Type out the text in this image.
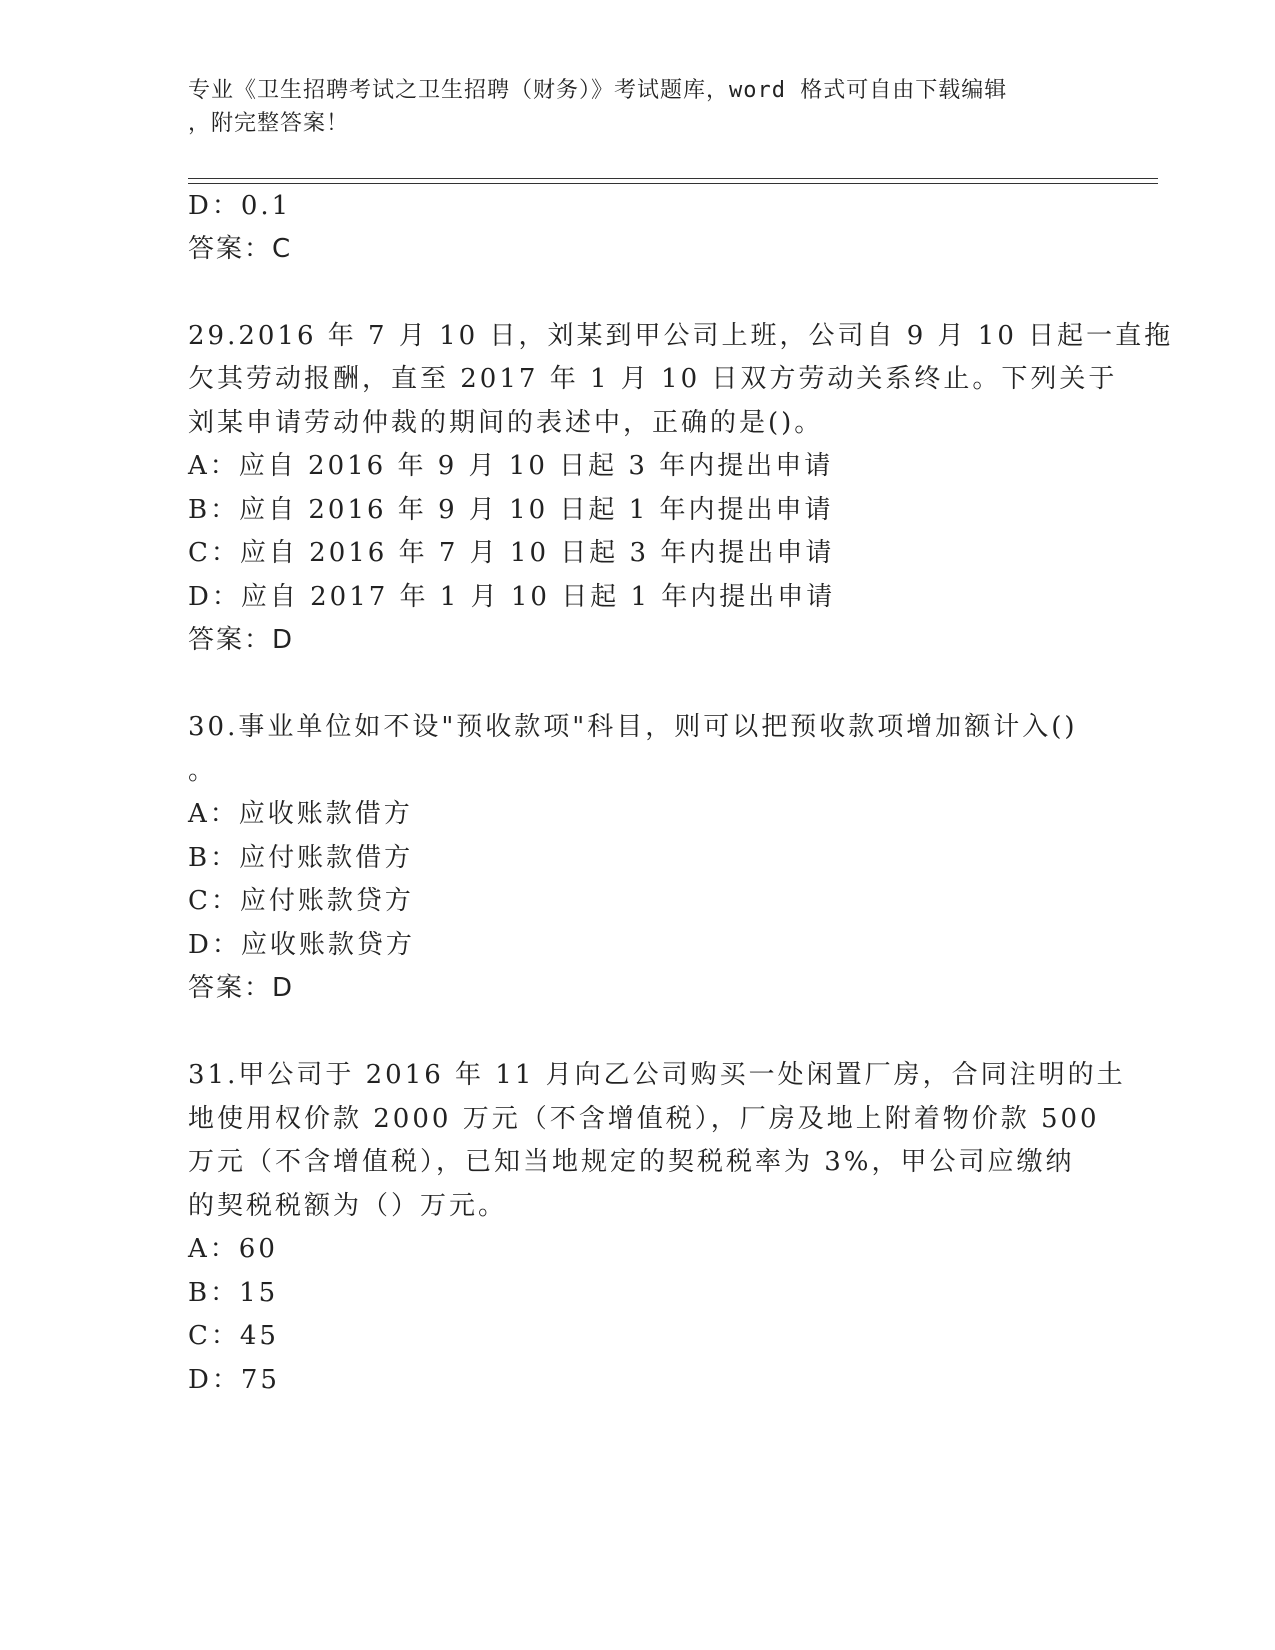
专业《卫生招聘考试之卫生招聘（财务）》考试题库，word 格式可自由下载编辑
，附完整答案！
D：0.1
答案：C
29.2016 年 7 月 10 日，刘某到甲公司上班，公司自 9 月 10 日起一直拖
欠其劳动报酬，直至 2017 年 1 月 10 日双方劳动关系终止。下列关于
刘某申请劳动仲裁的期间的表述中，正确的是()。
A：应自 2016 年 9 月 10 日起 3 年内提出申请
B：应自 2016 年 9 月 10 日起 1 年内提出申请
C：应自 2016 年 7 月 10 日起 3 年内提出申请
D：应自 2017 年 1 月 10 日起 1 年内提出申请
答案：D
30.事业单位如不设"预收款项"科目，则可以把预收款项增加额计入()
。
A：应收账款借方
B：应付账款借方
C：应付账款贷方
D：应收账款贷方
答案：D
31.甲公司于 2016 年 11 月向乙公司购买一处闲置厂房，合同注明的土
地使用权价款 2000 万元（不含增值税），厂房及地上附着物价款 500
万元（不含增值税），已知当地规定的契税税率为 3%，甲公司应缴纳
的契税税额为（）万元。
A：60
B：15
C：45
D：75
